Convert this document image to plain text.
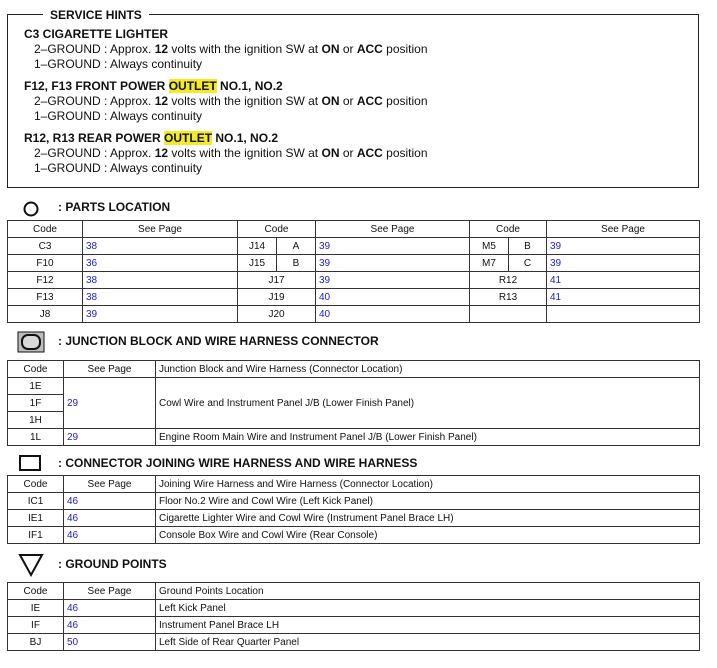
C3 CIGARETTE LIGHTER
2–GROUND : Approx. 12 volts with the ignition SW at ON or ACC position
1–GROUND : Always continuity
F12, F13 FRONT POWER OUTLET NO.1, NO.2
2–GROUND : Approx. 12 volts with the ignition SW at ON or ACC position
1–GROUND : Always continuity
R12, R13 REAR POWER OUTLET NO.1, NO.2
2–GROUND : Approx. 12 volts with the ignition SW at ON or ACC position
1–GROUND : Always continuity
SERVICE HINTS
: PARTS LOCATION
Code	See Page	Code		See Page	Code		See Page
C3	38	J14	A	39	M5	B	39
F10	36	J15	B	39	M7	C	39
F12	38	J17		39	R12		41
F13	38	J19		40	R13		41
J8	39	J20		40			
: JUNCTION BLOCK AND WIRE HARNESS CONNECTOR
Code	See Page	Junction Block and Wire Harness (Connector Location)
1E	29	Cowl Wire and Instrument Panel J/B (Lower Finish Panel)
1F		
1H		
1L	29	Engine Room Main Wire and Instrument Panel J/B (Lower Finish Panel)
: CONNECTOR JOINING WIRE HARNESS AND WIRE HARNESS
Code	See Page	Joining Wire Harness and Wire Harness (Connector Location)
IC1	46	Floor No.2 Wire and Cowl Wire (Left Kick Panel)
IE1	46	Cigarette Lighter Wire and Cowl Wire (Instrument Panel Brace LH)
IF1	46	Console Box Wire and Cowl Wire (Rear Console)
: GROUND POINTS
Code	See Page	Ground Points Location
IE	46	Left Kick Panel
IF	46	Instrument Panel Brace LH
BJ	50	Left Side of Rear Quarter Panel
